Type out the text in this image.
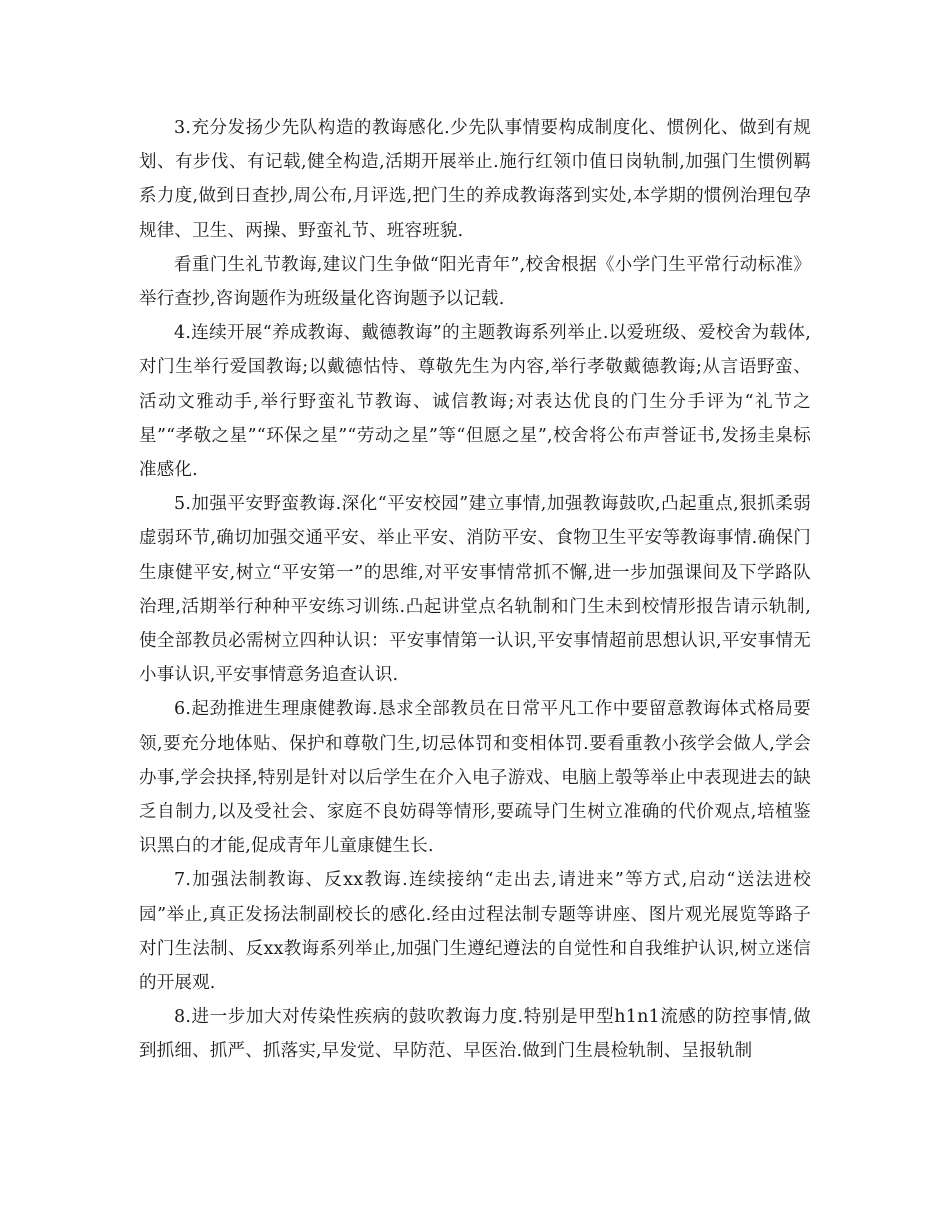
3.充分发扬少先队构造的教诲感化.少先队事情要构成制度化、惯例化、做到有规划、有步伐、有记载,健全构造,活期开展举止.施行红领巾值日岗轨制,加强门生惯例羁系力度,做到日查抄,周公布,月评选,把门生的养成教诲落到实处,本学期的惯例治理包孕规律、卫生、两操、野蛮礼节、班容班貌.

看重门生礼节教诲,建议门生争做“阳光青年”,校舍根据《小学门生平常行动标准》举行查抄,咨询题作为班级量化咨询题予以记载.

4.连续开展“养成教诲、戴德教诲”的主题教诲系列举止.以爱班级、爱校舍为载体,对门生举行爱国教诲;以戴德怙恃、尊敬先生为内容,举行孝敬戴德教诲;从言语野蛮、活动文雅动手,举行野蛮礼节教诲、诚信教诲;对表达优良的门生分手评为“礼节之星”“孝敬之星”“环保之星”“劳动之星”等“但愿之星”,校舍将公布声誉证书,发扬圭臬标准感化.

5.加强平安野蛮教诲.深化“平安校园”建立事情,加强教诲鼓吹,凸起重点,狠抓柔弱虚弱环节,确切加强交通平安、举止平安、消防平安、食物卫生平安等教诲事情.确保门生康健平安,树立“平安第一”的思维,对平安事情常抓不懈,进一步加强课间及下学路队治理,活期举行种种平安练习训练.凸起讲堂点名轨制和门生未到校情形报告请示轨制,使全部教员必需树立四种认识：平安事情第一认识,平安事情超前思想认识,平安事情无小事认识,平安事情意务追查认识.

6.起劲推进生理康健教诲.恳求全部教员在日常平凡工作中要留意教诲体式格局要领,要充分地体贴、保护和尊敬门生,切忌体罚和变相体罚.要看重教小孩学会做人,学会办事,学会抉择,特别是针对以后学生在介入电子游戏、电脑上彀等举止中表现进去的缺乏自制力,以及受社会、家庭不良妨碍等情形,要疏导门生树立准确的代价观点,培植鉴识黑白的才能,促成青年儿童康健生长.

7.加强法制教诲、反xx教诲.连续接纳“走出去,请进来”等方式,启动“送法进校园”举止,真正发扬法制副校长的感化.经由过程法制专题等讲座、图片观光展览等路子对门生法制、反xx教诲系列举止,加强门生遵纪遵法的自觉性和自我维护认识,树立迷信的开展观.

8.进一步加大对传染性疾病的鼓吹教诲力度.特别是甲型h1n1流感的防控事情,做到抓细、抓严、抓落实,早发觉、早防范、早医治.做到门生晨检轨制、呈报轨制
